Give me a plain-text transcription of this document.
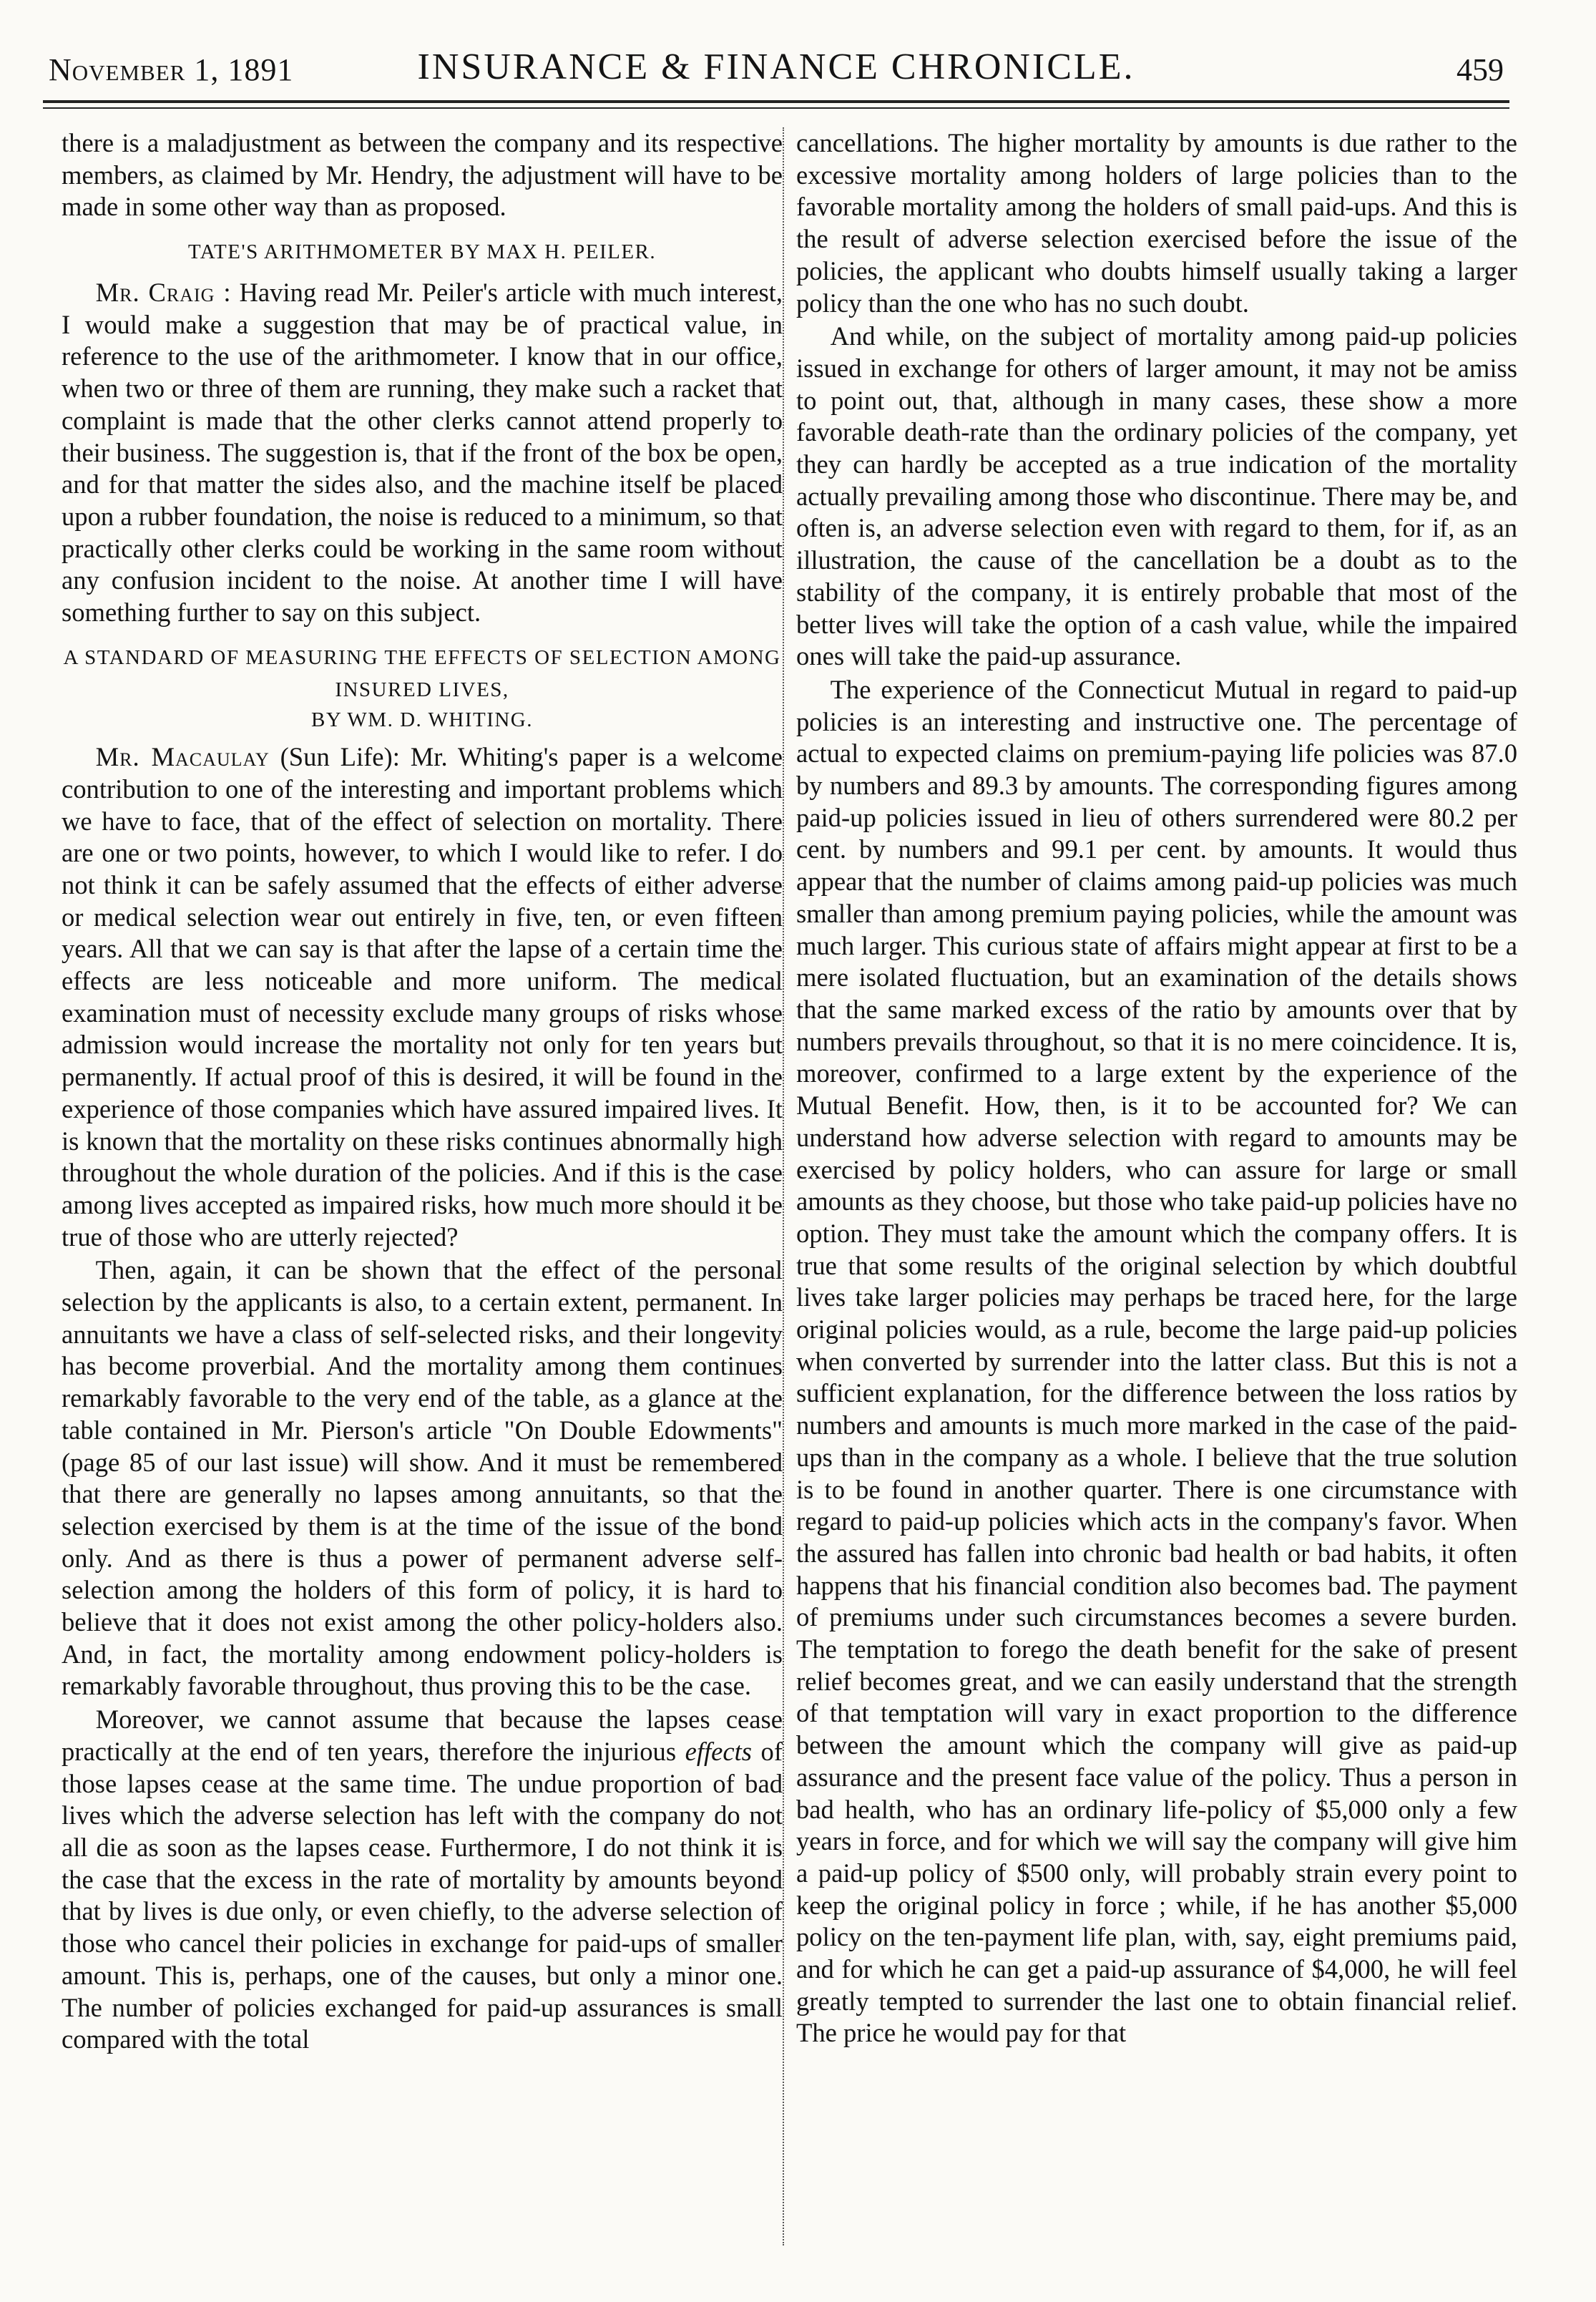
November 1, 1891	INSURANCE & FINANCE CHRONICLE.	459

there is a maladjustment as between the company and its respective members, as claimed by Mr. Hendry, the adjustment will have to be made in some other way than as proposed.

TATE'S ARITHMOMETER BY MAX H. PEILER.

Mr. Craig : Having read Mr. Peiler's article with much interest, I would make a suggestion that may be of practical value, in reference to the use of the arithmometer. I know that in our office, when two or three of them are running, they make such a racket that complaint is made that the other clerks cannot attend properly to their business. The suggestion is, that if the front of the box be open, and for that matter the sides also, and the machine itself be placed upon a rubber foundation, the noise is reduced to a minimum, so that practically other clerks could be working in the same room without any confusion incident to the noise. At another time I will have something further to say on this subject.

A STANDARD OF MEASURING THE EFFECTS OF SELECTION AMONG INSURED LIVES,

BY WM. D. WHITING.

Mr. Macaulay (Sun Life): Mr. Whiting's paper is a welcome contribution to one of the interesting and important problems which we have to face, that of the effect of selection on mortality. There are one or two points, however, to which I would like to refer. I do not think it can be safely assumed that the effects of either adverse or medical selection wear out entirely in five, ten, or even fifteen years. All that we can say is that after the lapse of a certain time the effects are less noticeable and more uniform. The medical examination must of necessity exclude many groups of risks whose admission would increase the mortality not only for ten years but permanently. If actual proof of this is desired, it will be found in the experience of those companies which have assured impaired lives. It is known that the mortality on these risks continues abnormally high throughout the whole duration of the policies. And if this is the case among lives accepted as impaired risks, how much more should it be true of those who are utterly rejected?

Then, again, it can be shown that the effect of the personal selection by the applicants is also, to a certain extent, permanent. In annuitants we have a class of self-selected risks, and their longevity has become proverbial. And the mortality among them continues remarkably favorable to the very end of the table, as a glance at the table contained in Mr. Pierson's article "On Double Edowments" (page 85 of our last issue) will show. And it must be remembered that there are generally no lapses among annuitants, so that the selection exercised by them is at the time of the issue of the bond only. And as there is thus a power of permanent adverse self-selection among the holders of this form of policy, it is hard to believe that it does not exist among the other policy-holders also. And, in fact, the mortality among endowment policy-holders is remarkably favorable throughout, thus proving this to be the case.

Moreover, we cannot assume that because the lapses cease practically at the end of ten years, therefore the injurious effects of those lapses cease at the same time. The undue proportion of bad lives which the adverse selection has left with the company do not all die as soon as the lapses cease. Furthermore, I do not think it is the case that the excess in the rate of mortality by amounts beyond that by lives is due only, or even chiefly, to the adverse selection of those who cancel their policies in exchange for paid-ups of smaller amount. This is, perhaps, one of the causes, but only a minor one. The number of policies exchanged for paid-up assurances is small compared with the total

cancellations. The higher mortality by amounts is due rather to the excessive mortality among holders of large policies than to the favorable mortality among the holders of small paid-ups. And this is the result of adverse selection exercised before the issue of the policies, the applicant who doubts himself usually taking a larger policy than the one who has no such doubt.

And while, on the subject of mortality among paid-up policies issued in exchange for others of larger amount, it may not be amiss to point out, that, although in many cases, these show a more favorable death-rate than the ordinary policies of the company, yet they can hardly be accepted as a true indication of the mortality actually prevailing among those who discontinue. There may be, and often is, an adverse selection even with regard to them, for if, as an illustration, the cause of the cancellation be a doubt as to the stability of the company, it is entirely probable that most of the better lives will take the option of a cash value, while the impaired ones will take the paid-up assurance.

The experience of the Connecticut Mutual in regard to paid-up policies is an interesting and instructive one. The percentage of actual to expected claims on premium-paying life policies was 87.0 by numbers and 89.3 by amounts. The corresponding figures among paid-up policies issued in lieu of others surrendered were 80.2 per cent. by numbers and 99.1 per cent. by amounts. It would thus appear that the number of claims among paid-up policies was much smaller than among premium paying policies, while the amount was much larger. This curious state of affairs might appear at first to be a mere isolated fluctuation, but an examination of the details shows that the same marked excess of the ratio by amounts over that by numbers prevails throughout, so that it is no mere coincidence. It is, moreover, confirmed to a large extent by the experience of the Mutual Benefit. How, then, is it to be accounted for? We can understand how adverse selection with regard to amounts may be exercised by policy holders, who can assure for large or small amounts as they choose, but those who take paid-up policies have no option. They must take the amount which the company offers. It is true that some results of the original selection by which doubtful lives take larger policies may perhaps be traced here, for the large original policies would, as a rule, become the large paid-up policies when converted by surrender into the latter class. But this is not a sufficient explanation, for the difference between the loss ratios by numbers and amounts is much more marked in the case of the paid-ups than in the company as a whole. I believe that the true solution is to be found in another quarter. There is one circumstance with regard to paid-up policies which acts in the company's favor. When the assured has fallen into chronic bad health or bad habits, it often happens that his financial condition also becomes bad. The payment of premiums under such circumstances becomes a severe burden. The temptation to forego the death benefit for the sake of present relief becomes great, and we can easily understand that the strength of that temptation will vary in exact proportion to the difference between the amount which the company will give as paid-up assurance and the present face value of the policy. Thus a person in bad health, who has an ordinary life-policy of $5,000 only a few years in force, and for which we will say the company will give him a paid-up policy of $500 only, will probably strain every point to keep the original policy in force ; while, if he has another $5,000 policy on the ten-payment life plan, with, say, eight premiums paid, and for which he can get a paid-up assurance of $4,000, he will feel greatly tempted to surrender the last one to obtain financial relief. The price he would pay for that
